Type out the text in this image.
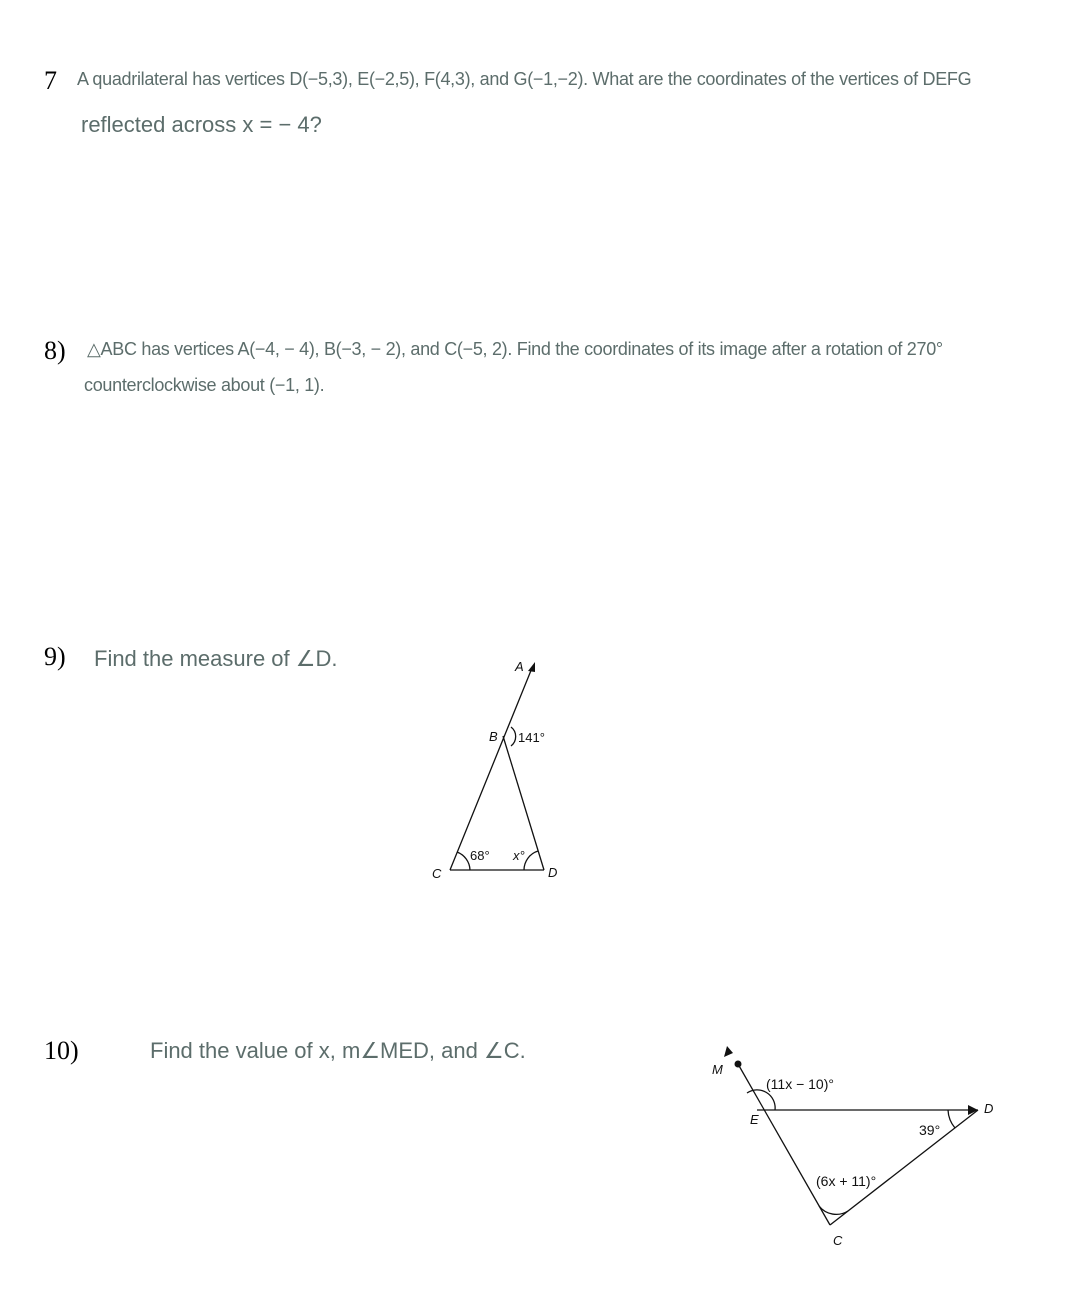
7 A quadrilateral has vertices D(−5,3), E(−2,5), F(4,3), and G(−1,−2). What are the coordinates of the vertices of DEFG
reflected across x = − 4?
8) △ABC has vertices A(−4, − 4), B(−3, − 2), and C(−5, 2). Find the coordinates of its image after a rotation of 270°
counterclockwise about (−1, 1).
9) Find the measure of ∠D.
10)	Find the value of x, m∠MED, and ∠C.
A
B
C	D
141°
68° x°
M
E
D
C
(11x − 10)°
39°
(6x + 11)°
